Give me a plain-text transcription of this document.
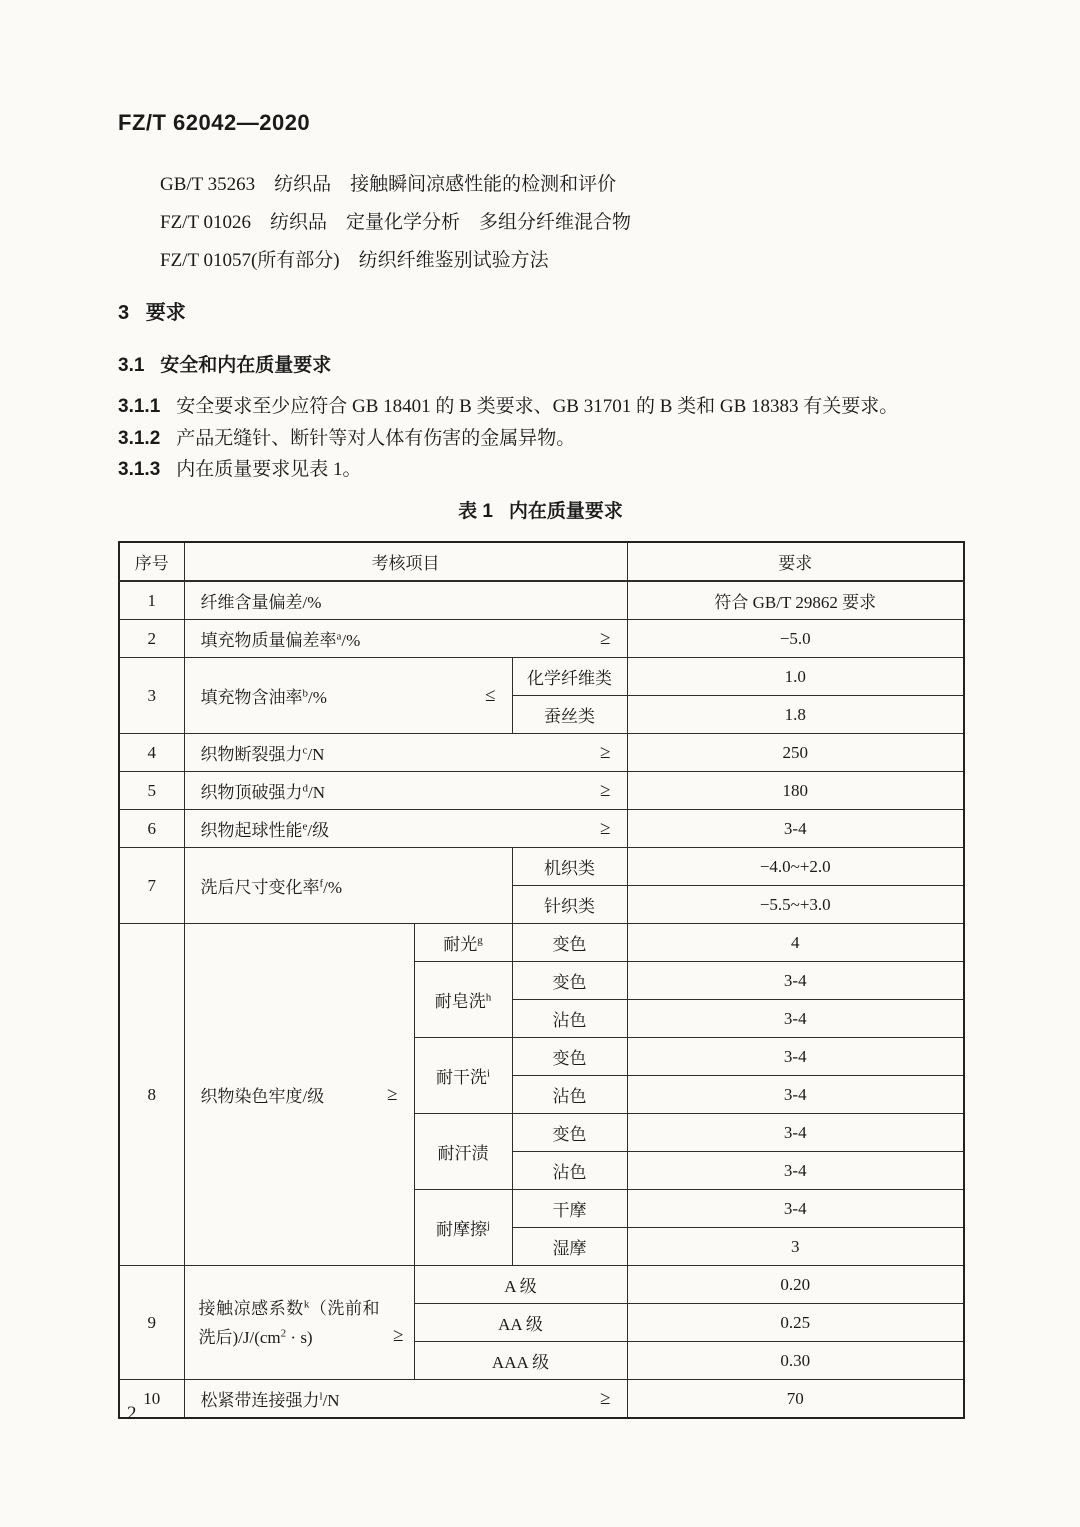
FZ/T 62042—2020
GB/T 35263    纺织品    接触瞬间凉感性能的检测和评价
FZ/T 01026    纺织品    定量化学分析    多组分纤维混合物
FZ/T 01057(所有部分)    纺织纤维鉴别试验方法
3   要求
3.1   安全和内在质量要求
3.1.1 安全要求至少应符合 GB 18401 的 B 类要求、GB 31701 的 B 类和 GB 18383 有关要求。
3.1.2 产品无缝针、断针等对人体有伤害的金属异物。
3.1.3 内在质量要求见表 1。
表 1   内在质量要求
序号	考核项目			要求
1	纤维含量偏差/%			符合 GB/T 29862 要求
2	填充物质量偏差率$^a$/% ≥			−5.0
3	填充物含油率$^b$/% ≤		化学纤维类	1.0
			蚕丝类	1.8
4	织物断裂强力$^c$/N ≥			250
5	织物顶破强力$^d$/N ≥			180
6	织物起球性能$^e$/级 ≥			3-4
7	洗后尺寸变化率$^f$/%		机织类	−4.0~+2.0
			针织类	−5.5~+3.0
8	织物染色牢度/级 ≥	耐光$^g$	变色	4
		耐皂洗$^h$	变色	3-4
			沾色	3-4
		耐干洗$^i$	变色	3-4
			沾色	3-4
		耐汗渍	变色	3-4
			沾色	3-4
		耐摩擦$^j$	干摩	3-4
			湿摩	3
9	接触凉感系数$^k$（洗前和洗后)$/J/(cm^2 \cdot s)$ ≥	A 级		0.20
		AA 级		0.25
		AAA 级		0.30
10	松紧带连接强力$^l$/N ≥			70
2
